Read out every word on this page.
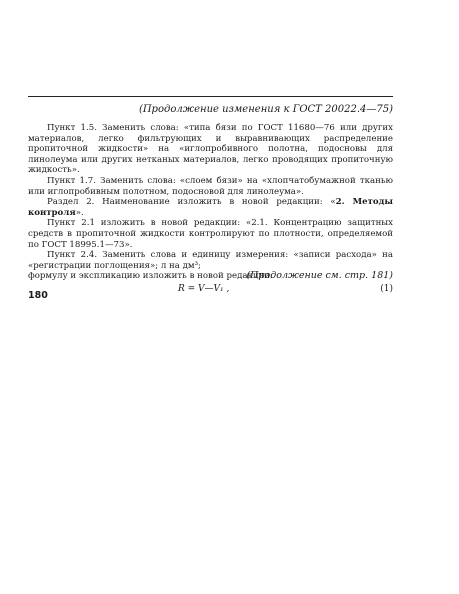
(Продолжение изменения к ГОСТ 20022.4—75)

Пункт 1.5. Заменить слова: «типа бязи по ГОСТ 11680—76 или других материалов, легко фильтрующих и выравнивающих распределение пропиточной жидкости» на «иглопробивного полотна, подосновы для линолеума или других нетканых материалов, легко проводящих пропиточную жидкость».

Пункт 1.7. Заменить слова: «слоем бязи» на «хлопчатобумажной тканью или иглопробивным полотном, подосновой для линолеума».

Раздел 2. Наименование изложить в новой редакции: «2. Методы контроля».

Пункт 2.1 изложить в новой редакции: «2.1. Концентрацию защитных средств в пропиточной жидкости контролируют по плотности, определяемой по ГОСТ 18995.1—73».

Пункт 2.4. Заменить слова и единицу измерения: «записи расхода» на «регистрации поглощения»; л на дм³;

формулу и экспликацию изложить в новой редакции:

R = V—V₁ ,	(1)
(Продолжение см. стр. 181)
180
